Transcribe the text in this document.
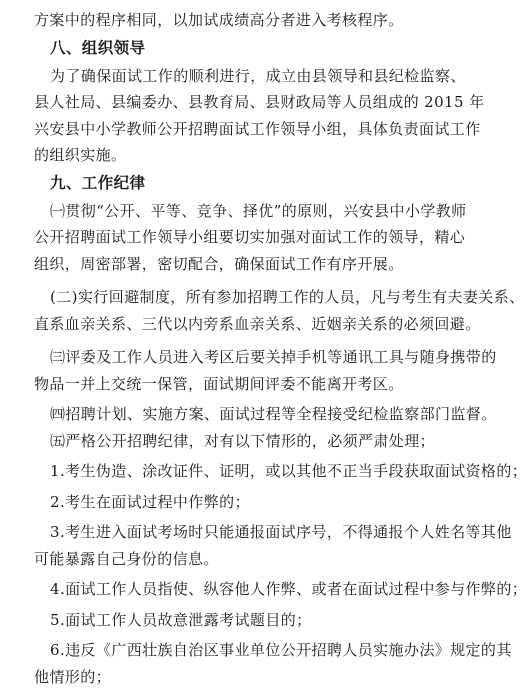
方案中的程序相同，以加试成绩高分者进入考核程序。
八、组织领导
为了确保面试工作的顺利进行，成立由县领导和县纪检监察、
县人社局、县编委办、县教育局、县财政局等人员组成的 2015 年
兴安县中小学教师公开招聘面试工作领导小组，具体负责面试工作
的组织实施。
九、工作纪律
㈠贯彻“公开、平等、竞争、择优”的原则，兴安县中小学教师
公开招聘面试工作领导小组要切实加强对面试工作的领导，精心
组织，周密部署，密切配合，确保面试工作有序开展。
(二)实行回避制度，所有参加招聘工作的人员，凡与考生有夫妻关系、
直系血亲关系、三代以内旁系血亲关系、近姻亲关系的必须回避。
㈢评委及工作人员进入考区后要关掉手机等通讯工具与随身携带的
物品一并上交统一保管，面试期间评委不能离开考区。
㈣招聘计划、实施方案、面试过程等全程接受纪检监察部门监督。
㈤严格公开招聘纪律，对有以下情形的，必须严肃处理；
1.考生伪造、涂改证件、证明，或以其他不正当手段获取面试资格的；
2.考生在面试过程中作弊的；
3.考生进入面试考场时只能通报面试序号，不得通报个人姓名等其他
可能暴露自己身份的信息。
4.面试工作人员指使、纵容他人作弊、或者在面试过程中参与作弊的；
5.面试工作人员故意泄露考试题目的；
6.违反《广西壮族自治区事业单位公开招聘人员实施办法》规定的其
他情形的；
